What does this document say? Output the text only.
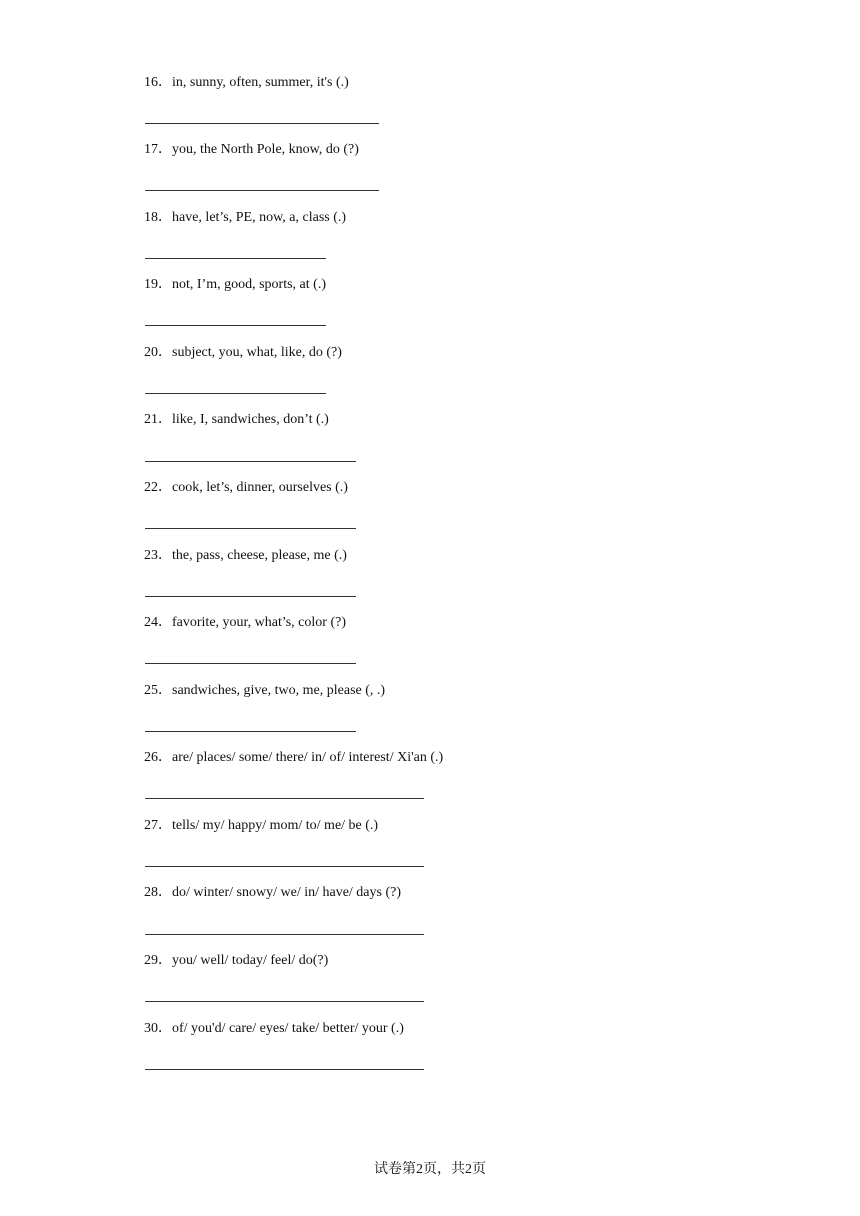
16．in, sunny, often, summer, it's (.)
17．you, the North Pole, know, do (?)
18．have, let’s, PE, now, a, class (.)
19．not, I’m, good, sports, at (.)
20．subject, you, what, like, do (?)
21．like, I, sandwiches, don’t (.)
22．cook, let’s, dinner, ourselves (.)
23．the, pass, cheese, please, me (.)
24．favorite, your, what’s, color (?)
25．sandwiches, give, two, me, please (, .)
26．are/ places/ some/ there/ in/ of/ interest/ Xi'an (.)
27．tells/ my/ happy/ mom/ to/ me/ be (.)
28．do/ winter/ snowy/ we/ in/ have/ days (?)
29．you/ well/ today/ feel/ do(?)
30．of/ you'd/ care/ eyes/ take/ better/ your (.)
试卷第2页，共2页
